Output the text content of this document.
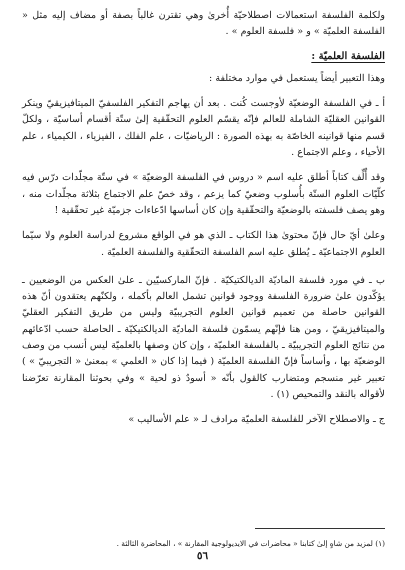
ولكلمة الفلسفة استعمالات اصطلاحيّة أُخرىٰ وهي تقترن غالباً بصفة أو مضاف إليه مثل « الفلسفة العلميّة » و « فلسفة العلوم » .

الفلسفة العلميّة :

وهذا التعبير أيضاً يستعمل في موارد مختلفة :

أ ـ في الفلسفة الوضعيّة لأوجست كُنت . بعد أن يهاجم التفكير الفلسفيّ الميتافيزيقيّ وينكر القوانين العقليّة الشاملة للعالم فإنّه يقسّم العلوم التحقّقية إلىٰ ستّة أقسام أساسيّة ، ولكلّ قسم منها قوانينه الخاصّة به بهذه الصورة : الرياضيّات ، علم الفلك ، الفيزياء ، الكيمياء ، علم الأحياء ، وعلم الاجتماع .

وقد أُلِّف كتاباً أطلق عليه اسم « دروس في الفلسفة الوضعيّة » في ستّة مجلّدات درّس فيه كلّيّات العلوم الستّة بأُسلوب وضعيّ كما يزعم ، وقد خصّ علم الاجتماع بثلاثة مجلّدات منه ، وهو يصف فلسفته بالوضعيّة والتحقّقية وإن كان أساسها ادّعاءات جزميّة غير تحقّقية !

وعلىٰ أيّ حال فإنّ محتوىٰ هذا الكتاب ـ الذي هو في الواقع مشروع لدراسة العلوم ولا سيّما العلوم الاجتماعيّة ـ يُطلق عليه اسم الفلسفة التحقّقية والفلسفة العلميّة .

ب ـ في مورد فلسفة الماديّة الديالكتيكيّة . فإنّ الماركسيّين ـ علىٰ العكس من الوضعيين ـ يؤكّدون علىٰ ضرورة الفلسفة ووجود قوانين تشمل العالم بأكمله ، ولكنّهم يعتقدون أنّ هذه القوانين حاصلة من تعميم قوانين العلوم التجريبيّة وليس من طريق التفكير العقليّ والميتافيزيقيّ ، ومن هنا فإنّهم يسمّون فلسفة الماديّة الديالكتيكيّة ـ الحاصلة حسب ادّعائهم من نتائج العلوم التجريبيّة ـ بالفلسفة العلميّة ، وإن كان وصفها بالعلميّة ليس أنسب من وصف الوضعيّة بها ، وأساساً فإنّ الفلسفة العلميّة ( فيما إذا كان « العلمي » بمعنىٰ « التجريبيّ » ) تعبير غير منسجم ومتضارب كالقول بأنّه « أسودٌ ذو لحية » وفي بحوثنا المقارنة تعرّضنا لأقواله بالنقد والتمحيص (١) .

ج ـ والاصطلاح الآخر للفلسفة العلميّة مرادف لـ « علم الأساليب »

(١) لمزيد من شاهٍ إلىٰ كتابنا « محاضرات في الايديولوجية المقارنة » ، المحاضرة الثالثة .

٥٦
